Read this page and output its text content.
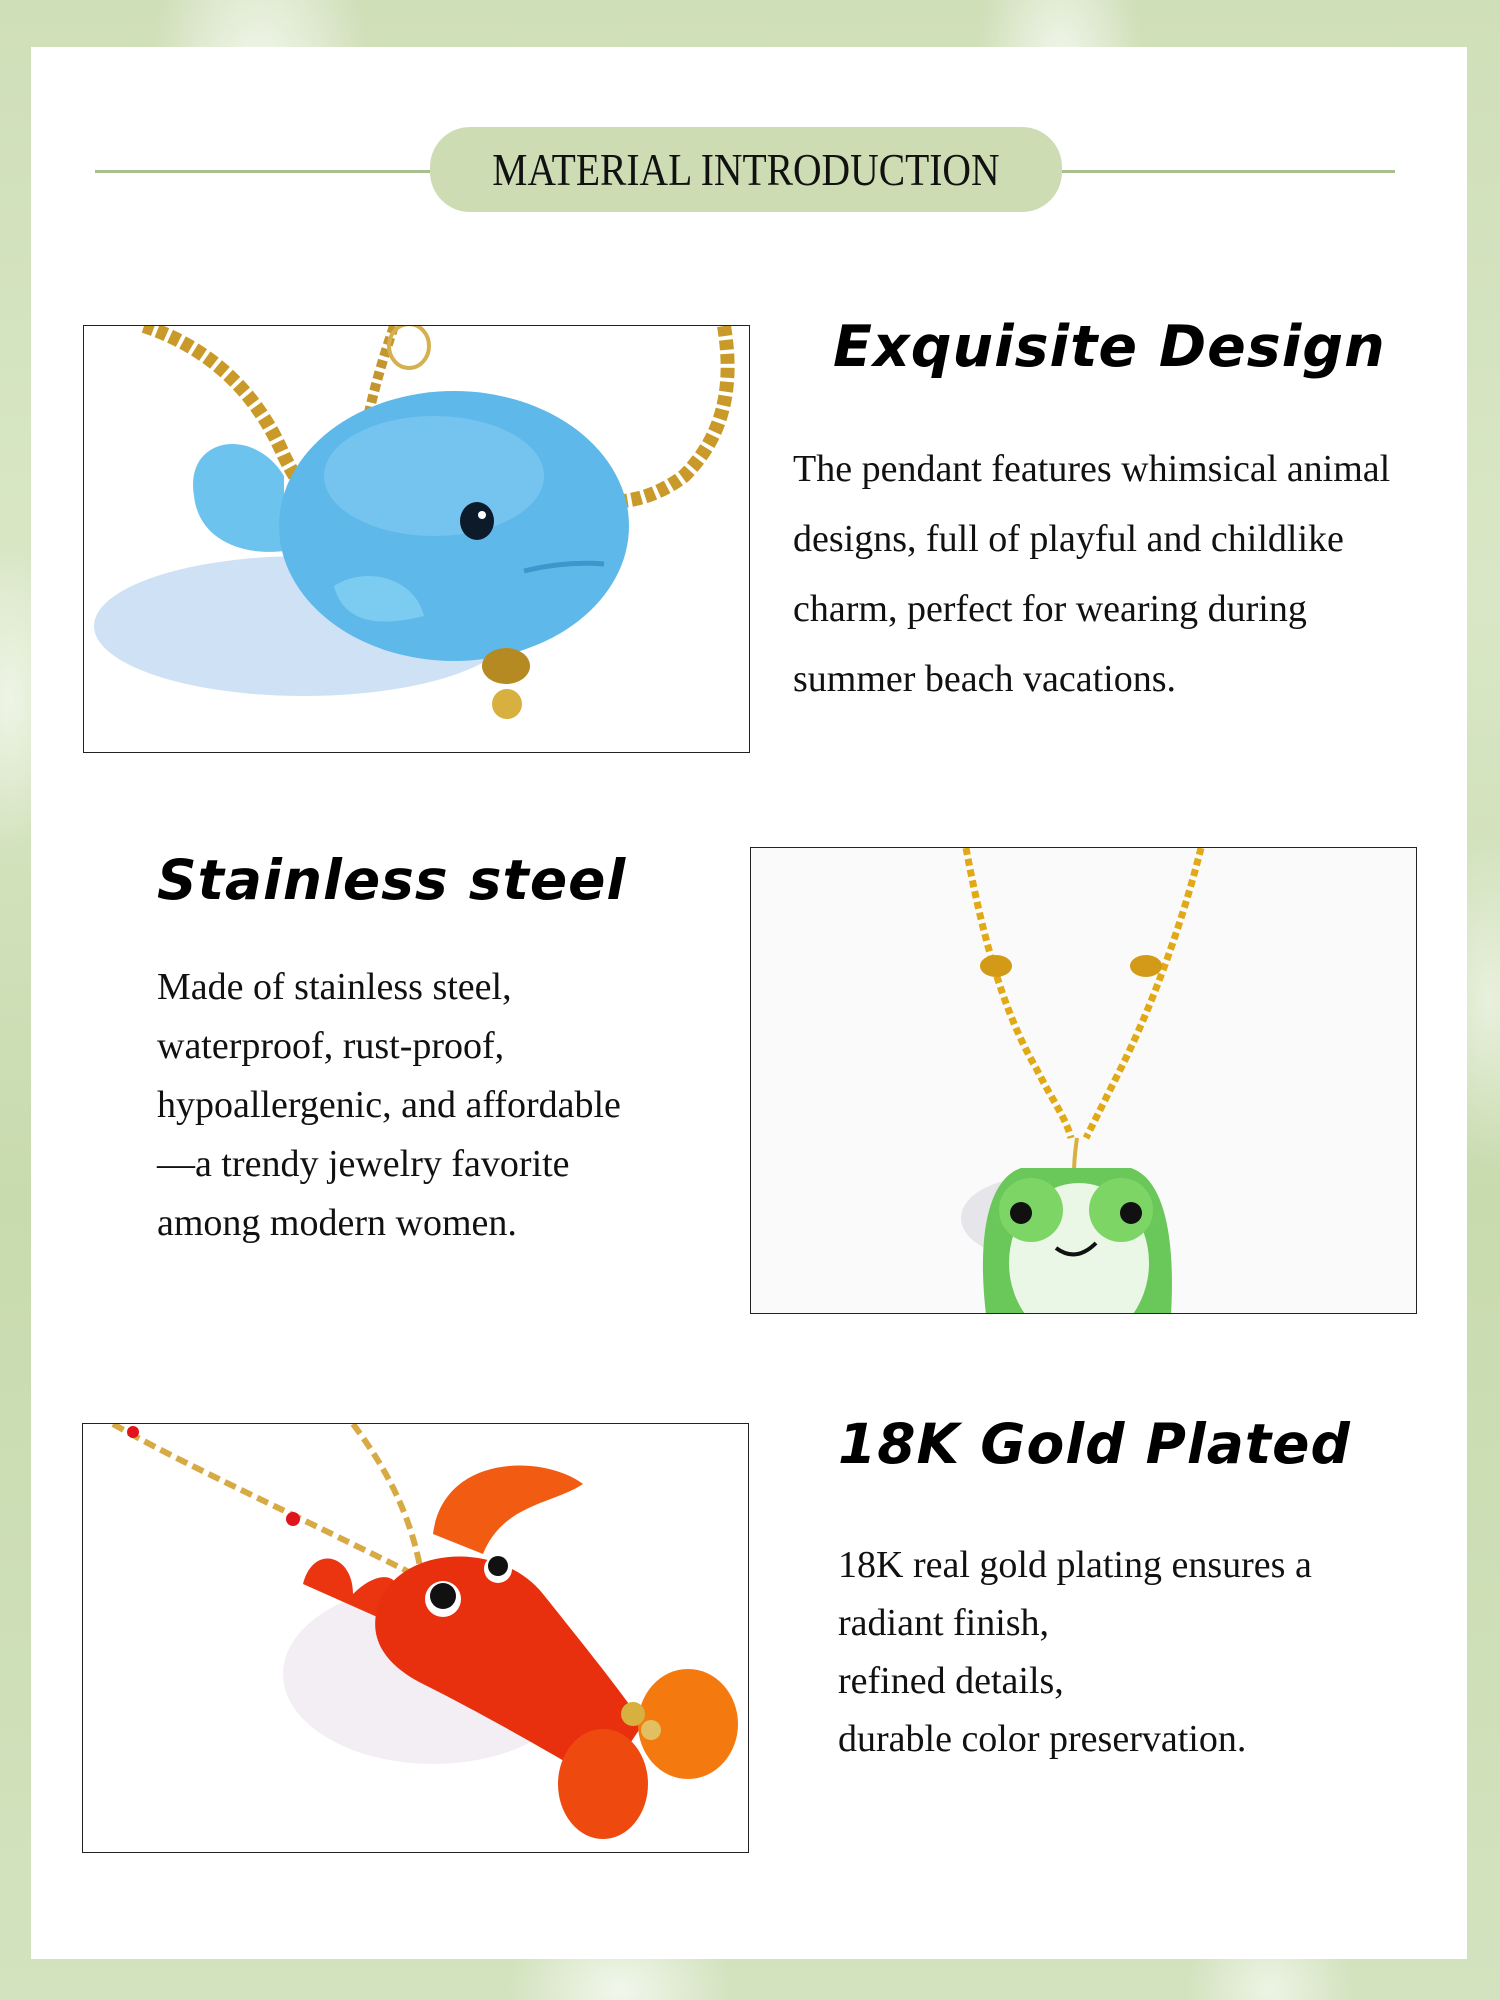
MATERIAL INTRODUCTION
Exquisite Design
The pendant features whimsical animal
designs, full of playful and childlike
charm, perfect for wearing during
summer beach vacations.
Stainless steel
Made of stainless steel,
waterproof, rust-proof,
hypoallergenic, and affordable
—a trendy jewelry favorite
among modern women.
18K Gold Plated
18K real gold plating ensures a
radiant finish,
refined details,
durable color preservation.
